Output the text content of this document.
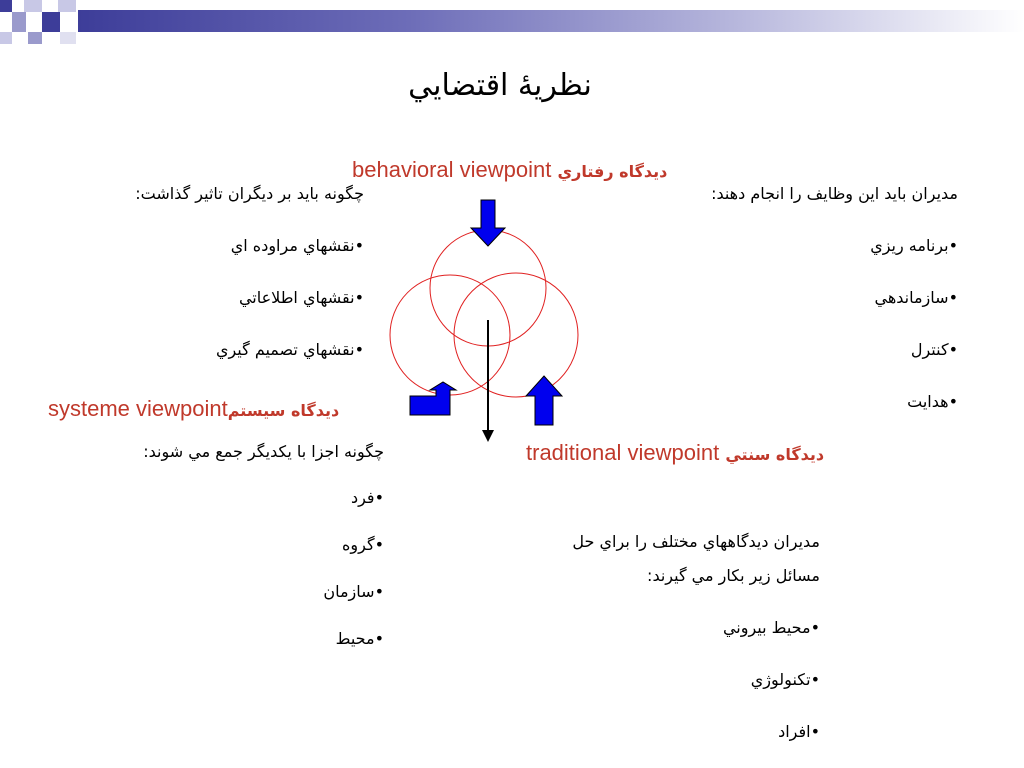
نظريۀ اقتضايي
behavioral viewpoint ديدگاه رفتاري
چگونه بايد بر ديگران تاثير گذاشت:
•نقشهاي مراوده اي
•نقشهاي اطلاعاتي
•نقشهاي تصميم گيري
مديران بايد اين وظايف را انجام دهند:
•برنامه ريزي
•سازماندهي
•کنترل
•هدايت
systeme viewpointديدگاه سيستم
چگونه اجزا با يکديگر جمع مي شوند:
•فرد
•گروه
•سازمان
•محيط
traditional viewpoint ديدگاه سنتي
مديران ديدگاههاي مختلف را براي حل
مسائل زير بکار مي گيرند:
•محيط بيروني
•تکنولوژي
•افراد
